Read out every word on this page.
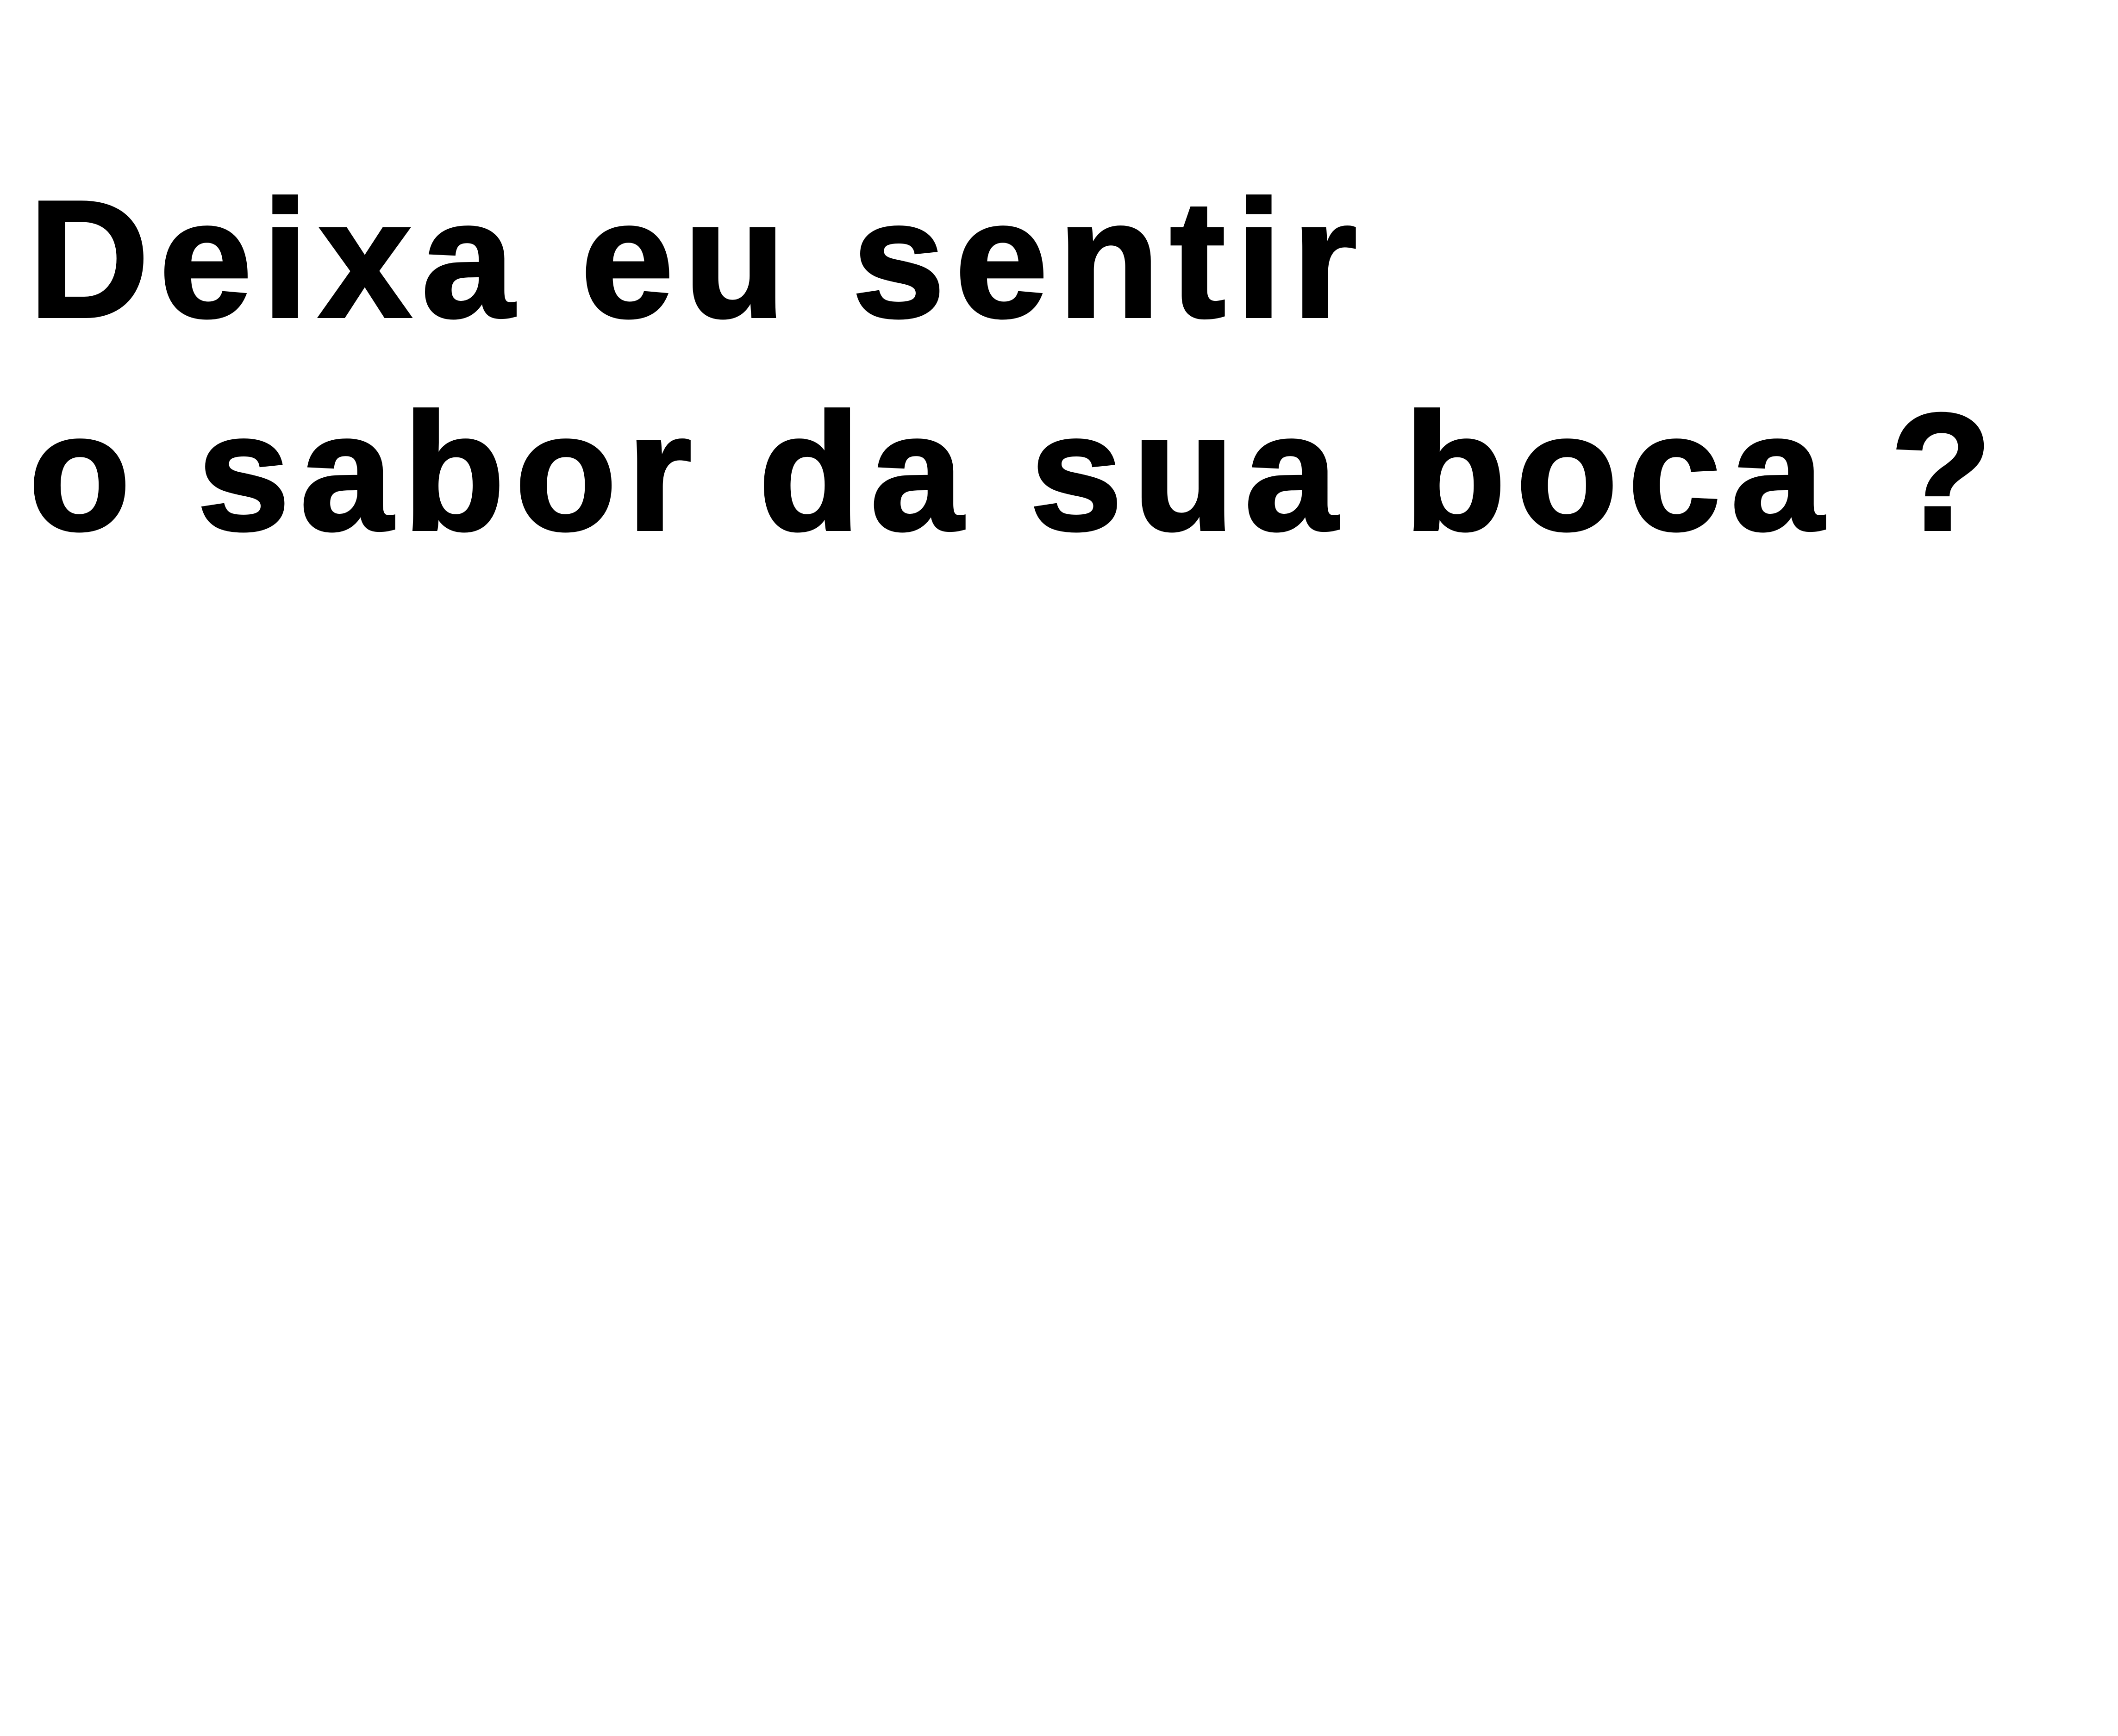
Deixa eu sentir
o sabor da sua boca ?
